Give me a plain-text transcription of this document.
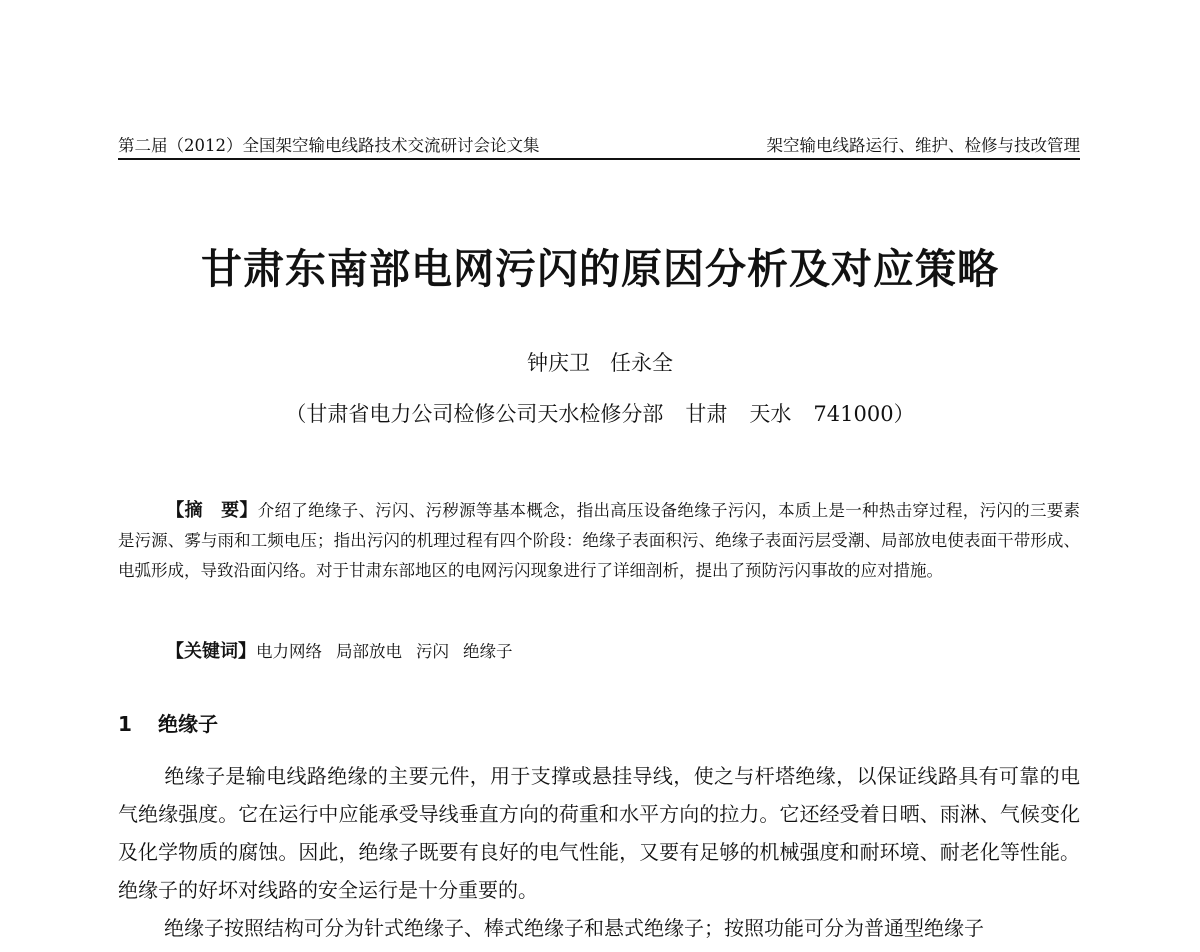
第二届（2012）全国架空输电线路技术交流研讨会论文集	架空输电线路运行、维护、检修与技改管理
甘肃东南部电网污闪的原因分析及对应策略
钟庆卫 任永全
（甘肃省电力公司检修公司天水检修分部 甘肃 天水 741000）

【摘　要】介绍了绝缘子、污闪、污秽源等基本概念，指出高压设备绝缘子污闪，本质上是一种热击穿过程，污闪的三要素是污源、雾与雨和工频电压；指出污闪的机理过程有四个阶段：绝缘子表面积污、绝缘子表面污层受潮、局部放电使表面干带形成、电弧形成，导致沿面闪络。对于甘肃东部地区的电网污闪现象进行了详细剖析，提出了预防污闪事故的应对措施。

【关键词】电力网络 局部放电 污闪 绝缘子
1 绝缘子

绝缘子是输电线路绝缘的主要元件，用于支撑或悬挂导线，使之与杆塔绝缘，以保证线路具有可靠的电气绝缘强度。它在运行中应能承受导线垂直方向的荷重和水平方向的拉力。它还经受着日晒、雨淋、气候变化及化学物质的腐蚀。因此，绝缘子既要有良好的电气性能，又要有足够的机械强度和耐环境、耐老化等性能。绝缘子的好坏对线路的安全运行是十分重要的。

绝缘子按照结构可分为针式绝缘子、棒式绝缘子和悬式绝缘子；按照功能可分为普通型绝缘子
